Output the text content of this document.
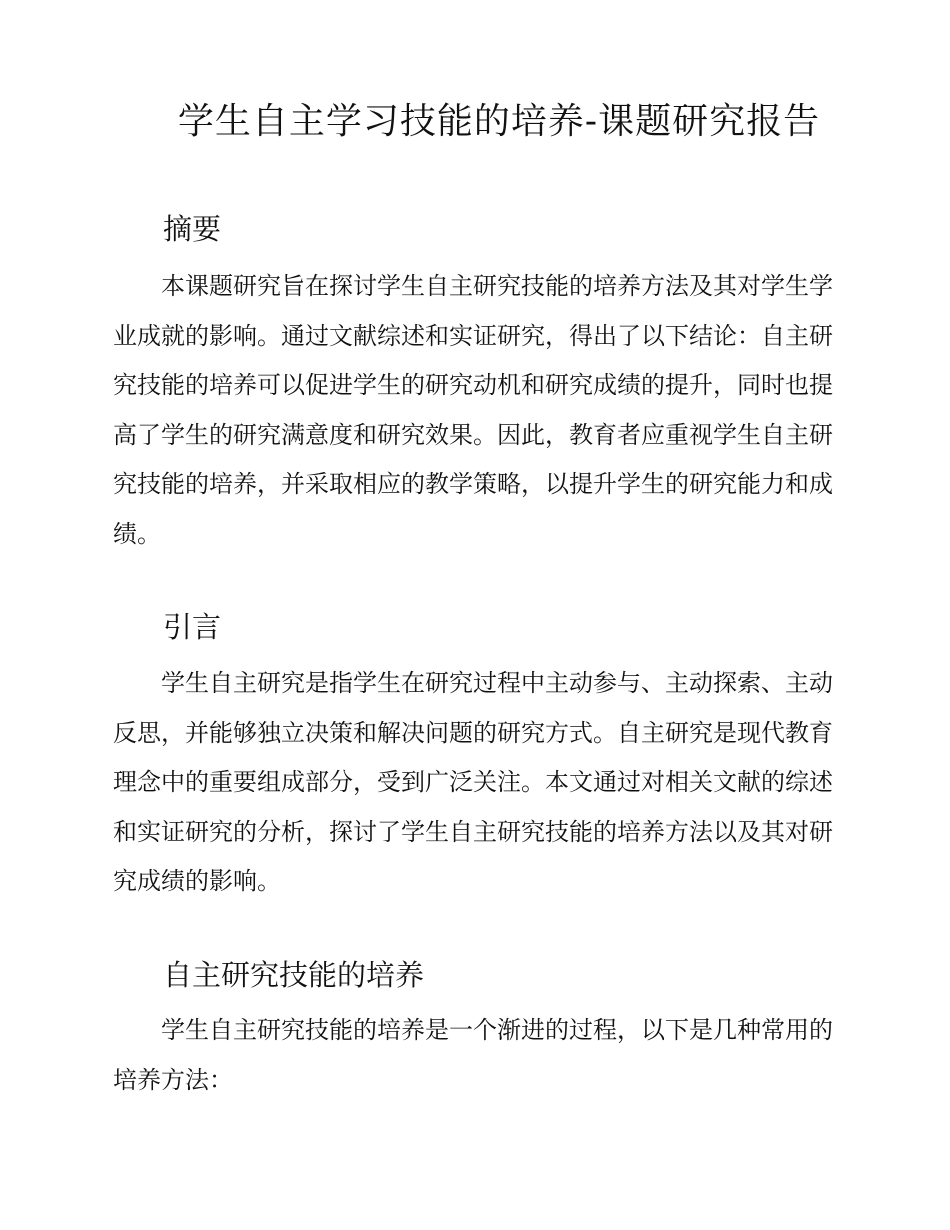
学生自主学习技能的培养-课题研究报告
摘要

本课题研究旨在探讨学生自主研究技能的培养方法及其对学生学业成就的影响。通过文献综述和实证研究，得出了以下结论：自主研究技能的培养可以促进学生的研究动机和研究成绩的提升，同时也提高了学生的研究满意度和研究效果。因此，教育者应重视学生自主研究技能的培养，并采取相应的教学策略，以提升学生的研究能力和成绩。

引言

学生自主研究是指学生在研究过程中主动参与、主动探索、主动反思，并能够独立决策和解决问题的研究方式。自主研究是现代教育理念中的重要组成部分，受到广泛关注。本文通过对相关文献的综述和实证研究的分析，探讨了学生自主研究技能的培养方法以及其对研究成绩的影响。

自主研究技能的培养

学生自主研究技能的培养是一个渐进的过程，以下是几种常用的培养方法：
